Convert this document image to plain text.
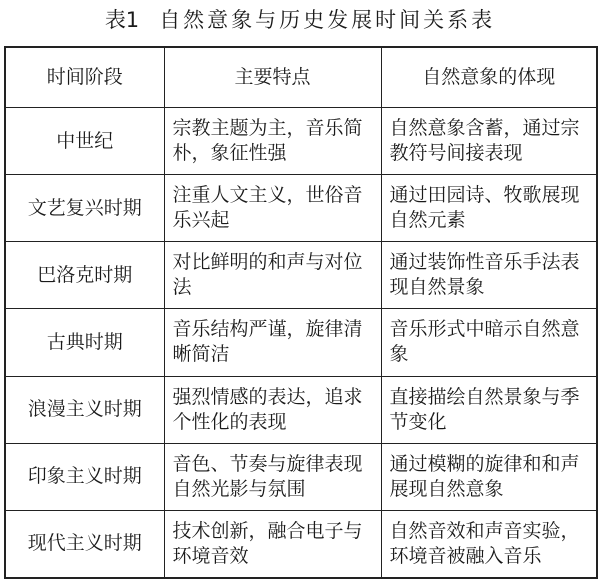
表1 自然意象与历史发展时间关系表
时间阶段	主要特点	自然意象的体现
中世纪	宗教主题为主，音乐简朴，象征性强	自然意象含蓄，通过宗教符号间接表现
文艺复兴时期	注重人文主义，世俗音乐兴起	通过田园诗、牧歌展现自然元素
巴洛克时期	对比鲜明的和声与对位法	通过装饰性音乐手法表现自然景象
古典时期	音乐结构严谨，旋律清晰简洁	音乐形式中暗示自然意象
浪漫主义时期	强烈情感的表达，追求个性化的表现	直接描绘自然景象与季节变化
印象主义时期	音色、节奏与旋律表现自然光影与氛围	通过模糊的旋律和和声展现自然意象
现代主义时期	技术创新，融合电子与环境音效	自然音效和声音实验，环境音被融入音乐
